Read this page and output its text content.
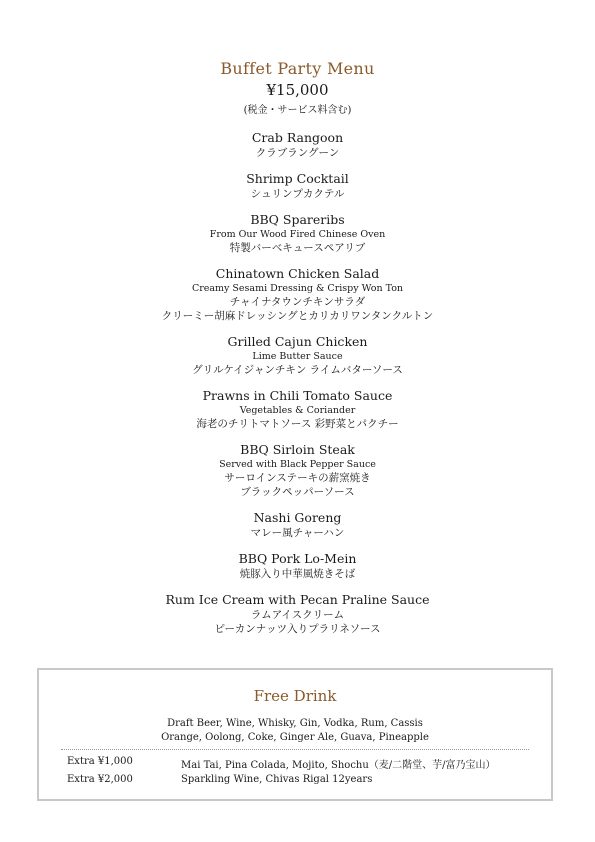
Buffet Party Menu
¥15,000
(税金・サービス料含む)
Crab Rangoon
クラブラングーン
Shrimp Cocktail
シュリンプカクテル
BBQ Spareribs
From Our Wood Fired Chinese Oven
特製バーベキュースペアリブ
Chinatown Chicken Salad
Creamy Sesami Dressing & Crispy Won Ton
チャイナタウンチキンサラダ
クリーミー胡麻ドレッシングとカリカリワンタンクルトン
Grilled Cajun Chicken
Lime Butter Sauce
グリルケイジャンチキン ライムバターソース
Prawns in Chili Tomato Sauce
Vegetables & Coriander
海老のチリトマトソース 彩野菜とパクチー
BBQ Sirloin Steak
Served with Black Pepper Sauce
サーロインステーキの薪窯焼き
ブラックペッパーソース
Nashi Goreng
マレー風チャーハン
BBQ Pork Lo-Mein
焼豚入り中華風焼きそば
Rum Ice Cream with Pecan Praline Sauce
ラムアイスクリーム
ピーカンナッツ入りプラリネソース
Free Drink
Draft Beer, Wine, Whisky, Gin, Vodka, Rum, Cassis
Orange, Oolong, Coke, Ginger Ale, Guava, Pineapple
Extra ¥1,000	Mai Tai, Pina Colada, Mojito, Shochu（麦/二階堂、芋/富乃宝山）
Extra ¥2,000	Sparkling Wine, Chivas Rigal 12years
